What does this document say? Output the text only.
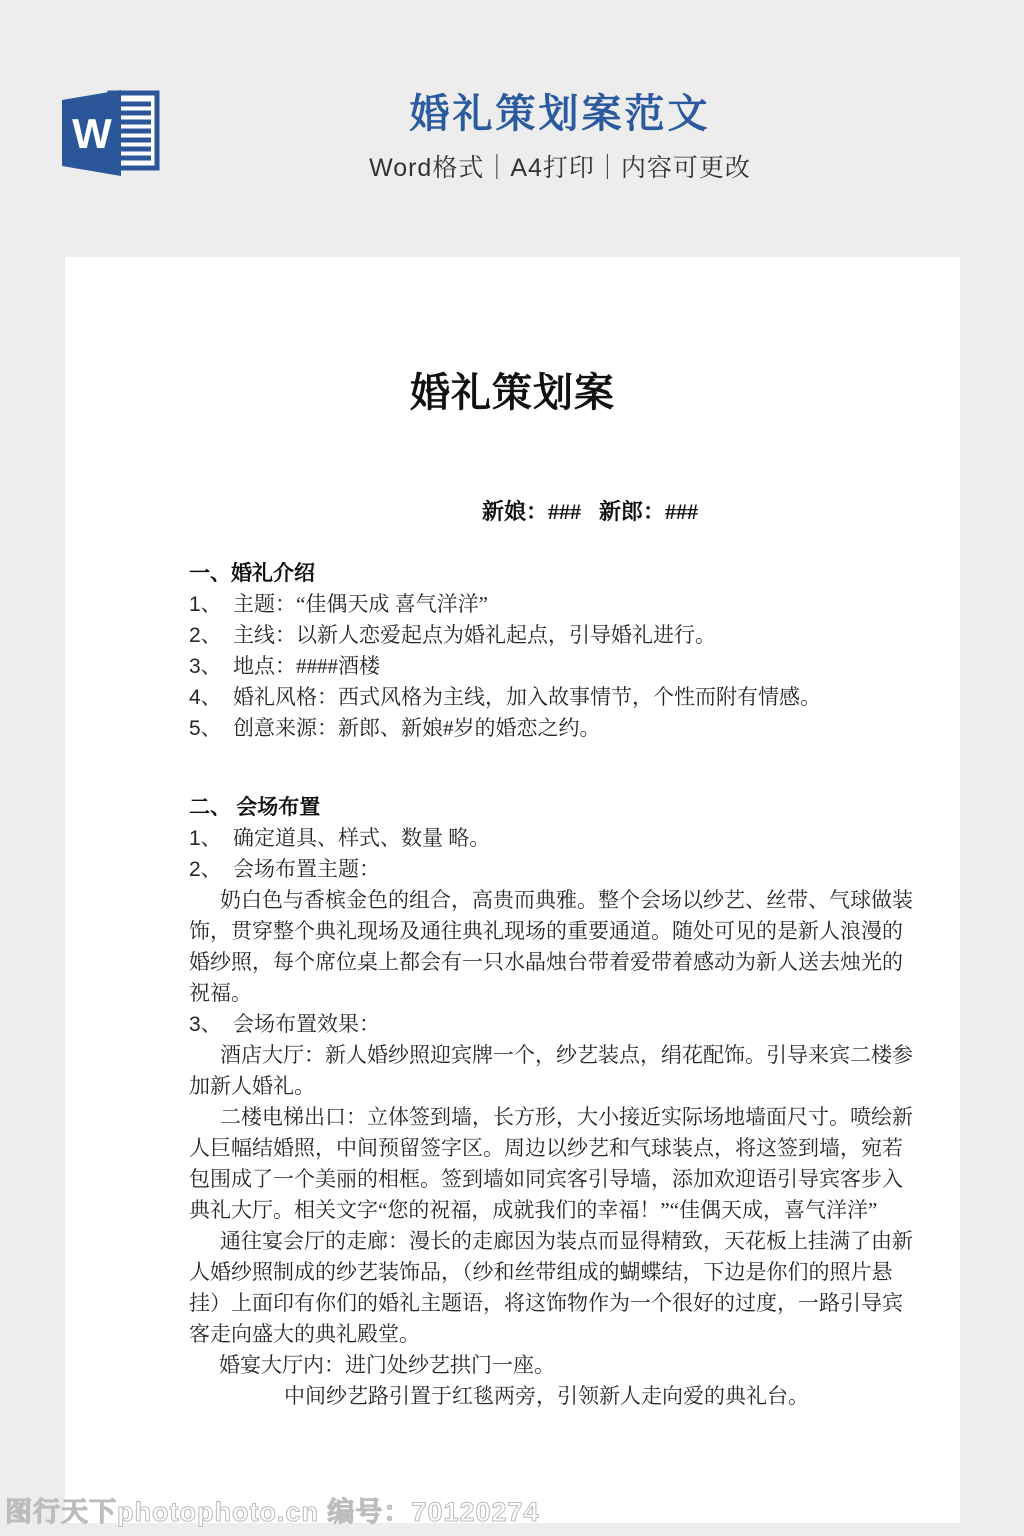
W	婚礼策划案范文
Word格式｜A4打印｜内容可更改
婚礼策划案
新娘：### 新郎：###
一、婚礼介绍
1、 主题：“佳偶天成 喜气洋洋”
2、 主线：以新人恋爱起点为婚礼起点，引导婚礼进行。
3、 地点：####酒楼
4、 婚礼风格：西式风格为主线，加入故事情节，个性而附有情感。
5、 创意来源：新郎、新娘#岁的婚恋之约。
二、 会场布置
1、 确定道具、样式、数量 略。
2、 会场布置主题：
奶白色与香槟金色的组合，高贵而典雅。整个会场以纱艺、丝带、气球做装
饰，贯穿整个典礼现场及通往典礼现场的重要通道。随处可见的是新人浪漫的
婚纱照，每个席位桌上都会有一只水晶烛台带着爱带着感动为新人送去烛光的
祝福。
3、 会场布置效果：
酒店大厅：新人婚纱照迎宾牌一个，纱艺装点，绢花配饰。引导来宾二楼参
加新人婚礼。
二楼电梯出口：立体签到墙，长方形，大小接近实际场地墙面尺寸。喷绘新
人巨幅结婚照，中间预留签字区。周边以纱艺和气球装点，将这签到墙，宛若
包围成了一个美丽的相框。签到墙如同宾客引导墙，添加欢迎语引导宾客步入
典礼大厅。相关文字“您的祝福，成就我们的幸福！”“佳偶天成，喜气洋洋”
通往宴会厅的走廊：漫长的走廊因为装点而显得精致，天花板上挂满了由新
人婚纱照制成的纱艺装饰品，（纱和丝带组成的蝴蝶结，下边是你们的照片悬
挂）上面印有你们的婚礼主题语，将这饰物作为一个很好的过度，一路引导宾
客走向盛大的典礼殿堂。
婚宴大厅内：进门处纱艺拱门一座。
中间纱艺路引置于红毯两旁，引领新人走向爱的典礼台。
图行天下photophoto.cn 编号：70120274
